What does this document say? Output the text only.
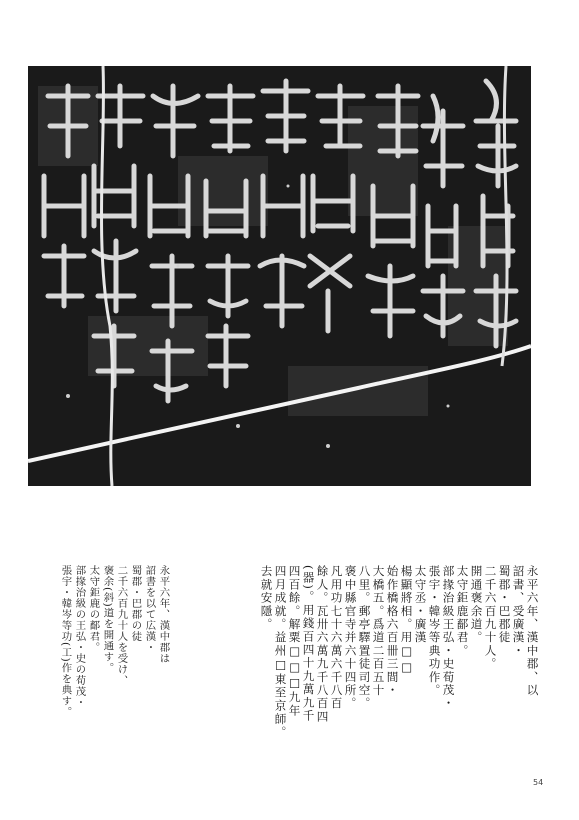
永平六年、漢中郡、以
詔書、受廣漢・
蜀郡・巴郡徒
二千六百九十人。
開通褒余道。
太守鉅鹿鄐君。
部掾治級王弘・史荀茂・
張宇・韓岑等典功作。
太守丞・廣漢
楊顯將相。用□□
始作橋格六百卌三間・
大橋五。爲道二百五十
八里。郵亭驛置徒司空。
褒中縣官寺并六十四所。
凡用功七十六萬六千八百
餘人。瓦卅六萬九千八百四
(器)。用錢百四十九萬九千
四百餘。解粟□□□九年
四月成就。益州□東至京師。
去就安隱。
永平六年、漢中郡は
詔書を以て広漢・
蜀郡・巴郡の徒
二千六百九十人を受け、
褒余(斜)道を開通す。
太守鉅鹿の鄐君。
部掾治級の王弘・史の荀茂・
張宇・韓岑等功(工)作を典す。
54
